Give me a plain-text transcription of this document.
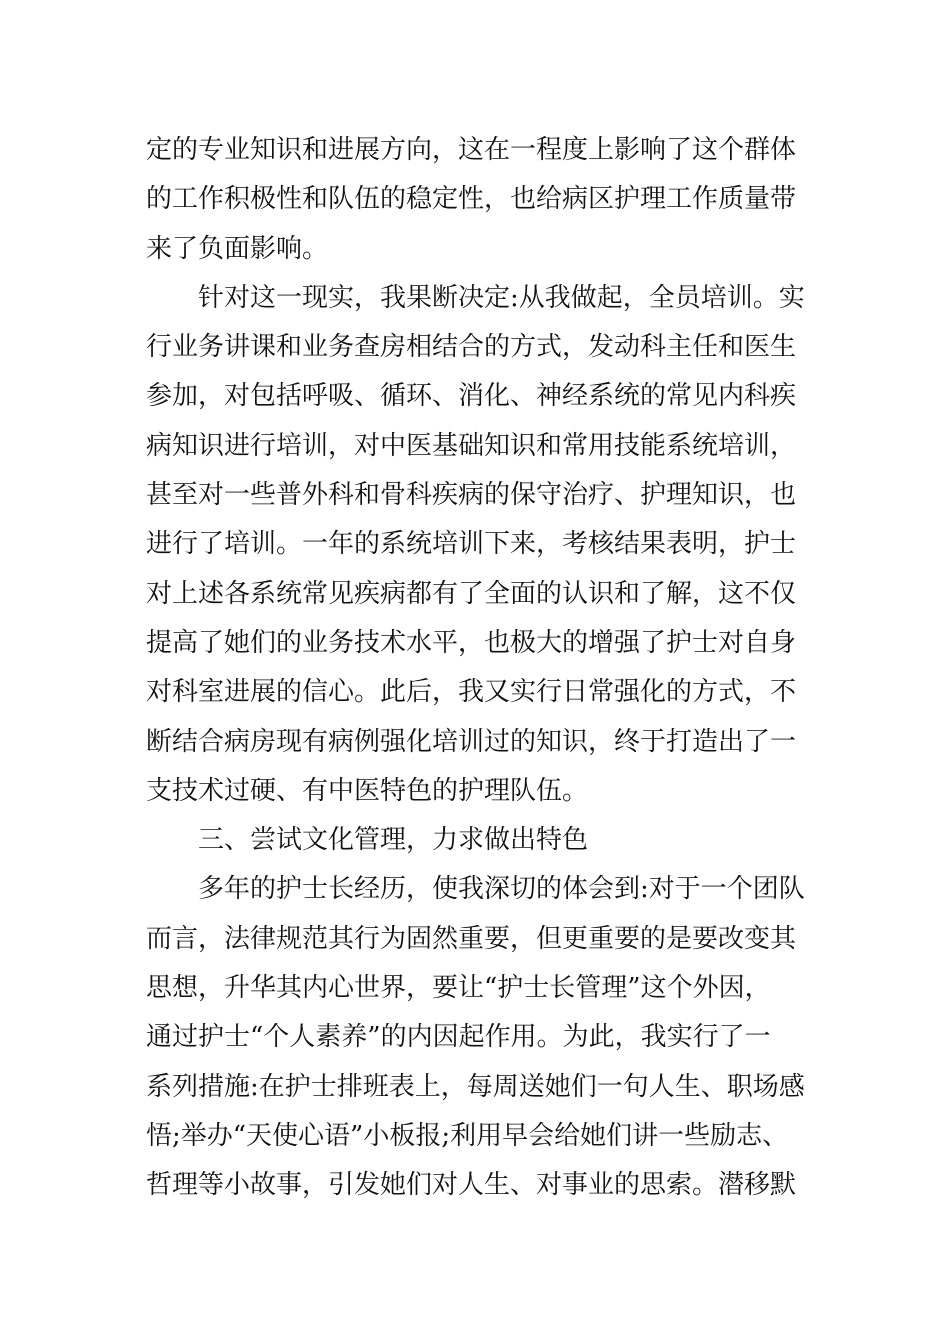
定的专业知识和进展方向，这在一程度上影响了这个群体
的工作积极性和队伍的稳定性，也给病区护理工作质量带
来了负面影响。
针对这一现实，我果断决定:从我做起，全员培训。实
行业务讲课和业务查房相结合的方式，发动科主任和医生
参加，对包括呼吸、循环、消化、神经系统的常见内科疾
病知识进行培训，对中医基础知识和常用技能系统培训，
甚至对一些普外科和骨科疾病的保守治疗、护理知识，也
进行了培训。一年的系统培训下来，考核结果表明，护士
对上述各系统常见疾病都有了全面的认识和了解，这不仅
提高了她们的业务技术水平，也极大的增强了护士对自身
对科室进展的信心。此后，我又实行日常强化的方式，不
断结合病房现有病例强化培训过的知识，终于打造出了一
支技术过硬、有中医特色的护理队伍。
三、尝试文化管理，力求做出特色
多年的护士长经历，使我深切的体会到:对于一个团队
而言，法律规范其行为固然重要，但更重要的是要改变其
思想，升华其内心世界，要让“护士长管理”这个外因，
通过护士“个人素养”的内因起作用。为此，我实行了一
系列措施:在护士排班表上，每周送她们一句人生、职场感
悟;举办“天使心语”小板报;利用早会给她们讲一些励志、
哲理等小故事，引发她们对人生、对事业的思索。潜移默
